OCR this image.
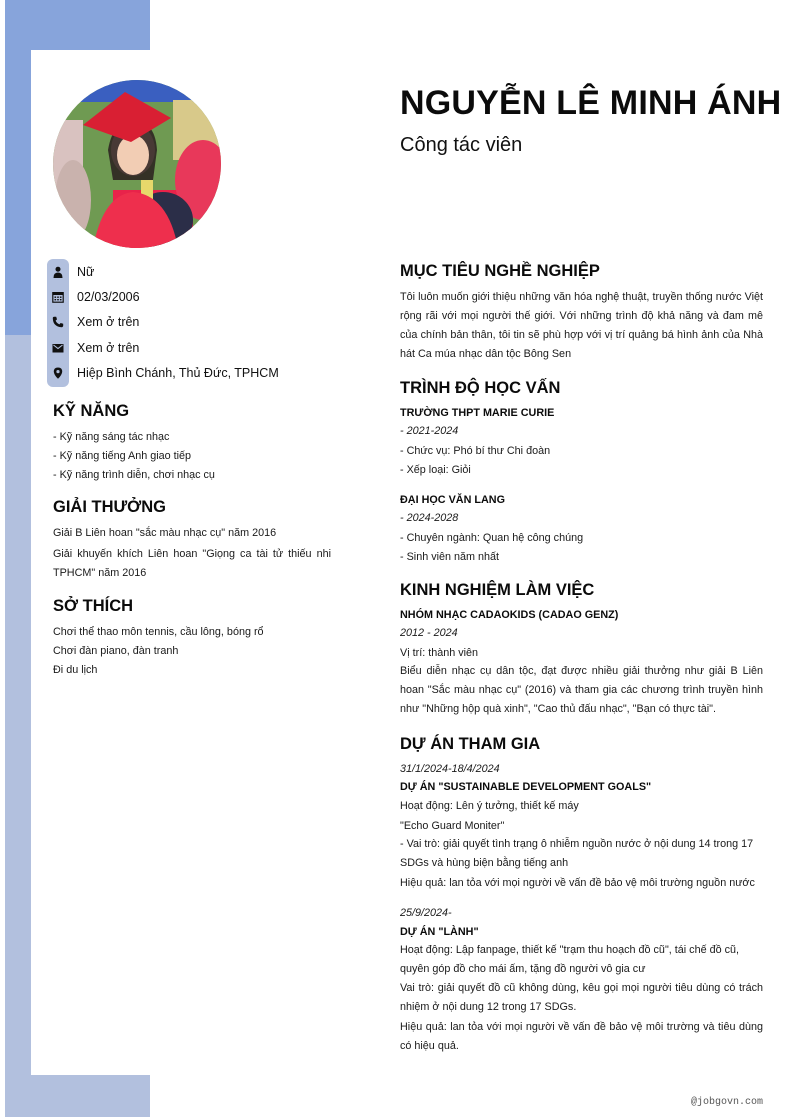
NGUYỄN LÊ MINH ÁNH
Công tác viên
Nữ
02/03/2006
Xem ở trên
Xem ở trên
Hiệp Bình Chánh, Thủ Đức, TPHCM
KỸ NĂNG
- Kỹ năng sáng tác nhạc
- Kỹ năng tiếng Anh giao tiếp
- Kỹ năng trình diễn, chơi nhạc cụ
GIẢI THƯỞNG
Giải B Liên hoan "sắc màu nhạc cụ" năm 2016
Giải khuyến khích Liên hoan "Giọng ca tài tử thiếu nhi TPHCM" năm 2016
SỞ THÍCH
Chơi thể thao môn tennis, cầu lông, bóng rổ
Chơi đàn piano, đàn tranh
Đi du lịch
MỤC TIÊU NGHỀ NGHIỆP
Tôi luôn muốn giới thiệu những văn hóa nghệ thuật, truyền thống nước Việt rộng rãi với mọi người thế giới. Với những trình độ khả năng và đam mê của chính bản thân, tôi tin sẽ phù hợp với vị trí quảng bá hình ảnh của Nhà hát Ca múa nhạc dân tộc Bông Sen
TRÌNH ĐỘ HỌC VẤN
TRƯỜNG THPT MARIE CURIE
- 2021-2024
- Chức vụ: Phó bí thư Chi đoàn
- Xếp loại: Giỏi
ĐẠI HỌC VĂN LANG
- 2024-2028
- Chuyên ngành: Quan hệ công chúng
- Sinh viên năm nhất
KINH NGHIỆM LÀM VIỆC
NHÓM NHẠC CADAOKIDS (CADAO GENZ)
2012 - 2024
Vị trí: thành viên
Biểu diễn nhạc cụ dân tộc, đạt được nhiều giải thưởng như giải B Liên hoan "Sắc màu nhạc cụ" (2016) và tham gia các chương trình truyền hình như "Những hộp quà xinh", "Cao thủ đấu nhạc", "Bạn có thực tài".
DỰ ÁN THAM GIA
31/1/2024-18/4/2024
DỰ ÁN "SUSTAINABLE DEVELOPMENT GOALS"
Hoạt động: Lên ý tưởng, thiết kế máy
"Echo Guard Moniter"
- Vai trò: giải quyết tình trạng ô nhiễm nguồn nước ở nội dung 14 trong 17 SDGs và hùng biện bằng tiếng anh
Hiệu quả: lan tỏa với mọi người về vấn đề bảo vệ môi trường nguồn nước
25/9/2024-
DỰ ÁN "LÀNH"
Hoạt động: Lập fanpage, thiết kế "trạm thu hoạch đồ cũ", tái chế đồ cũ, quyên góp đồ cho mái ấm, tặng đồ người vô gia cư
Vai trò: giải quyết đồ cũ không dùng, kêu gọi mọi người tiêu dùng có trách nhiệm ở nội dung 12 trong 17 SDGs.
Hiệu quả: lan tỏa với mọi người về vấn đề bảo vệ môi trường và tiêu dùng có hiệu quả.
@jobgovn.com
